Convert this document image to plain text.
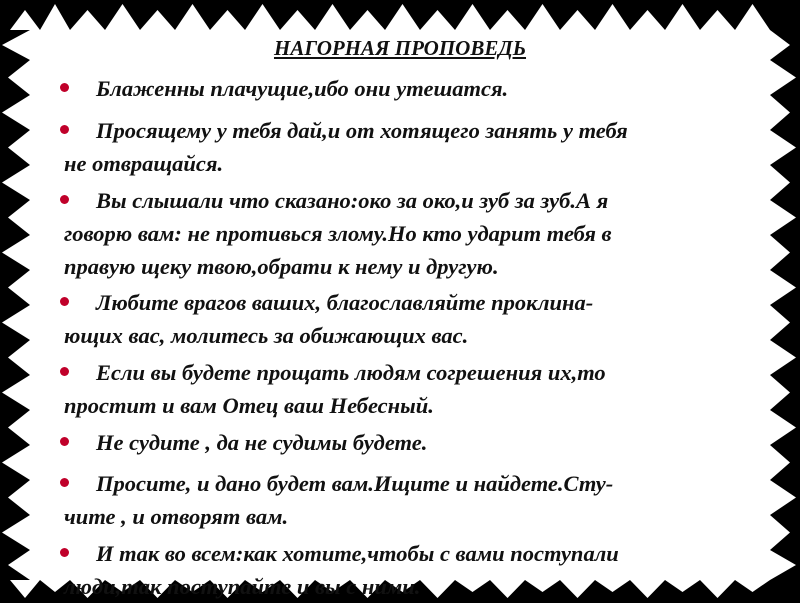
НАГОРНАЯ ПРОПОВЕДЬ
Блаженны плачущие,ибо они утешатся.
Просящему у тебя дай,и от хотящего занять у тебя
не отвращайся.
Вы слышали что сказано:око за око,и зуб за зуб.А я
говорю вам: не противься злому.Но кто ударит тебя в
правую щеку твою,обрати к нему и другую.
Любите врагов ваших, благославляйте проклина-
ющих вас, молитесь за обижающих вас.
Если вы будете прощать людям согрешения их,то
простит и вам Отец ваш Небесный.
Не судите , да не судимы будете.
Просите, и дано будет вам.Ищите и найдете.Сту-
чите , и отворят вам.
И так во всем:как хотите,чтобы с вами поступали
люди,так поступайте и вы с ними.
